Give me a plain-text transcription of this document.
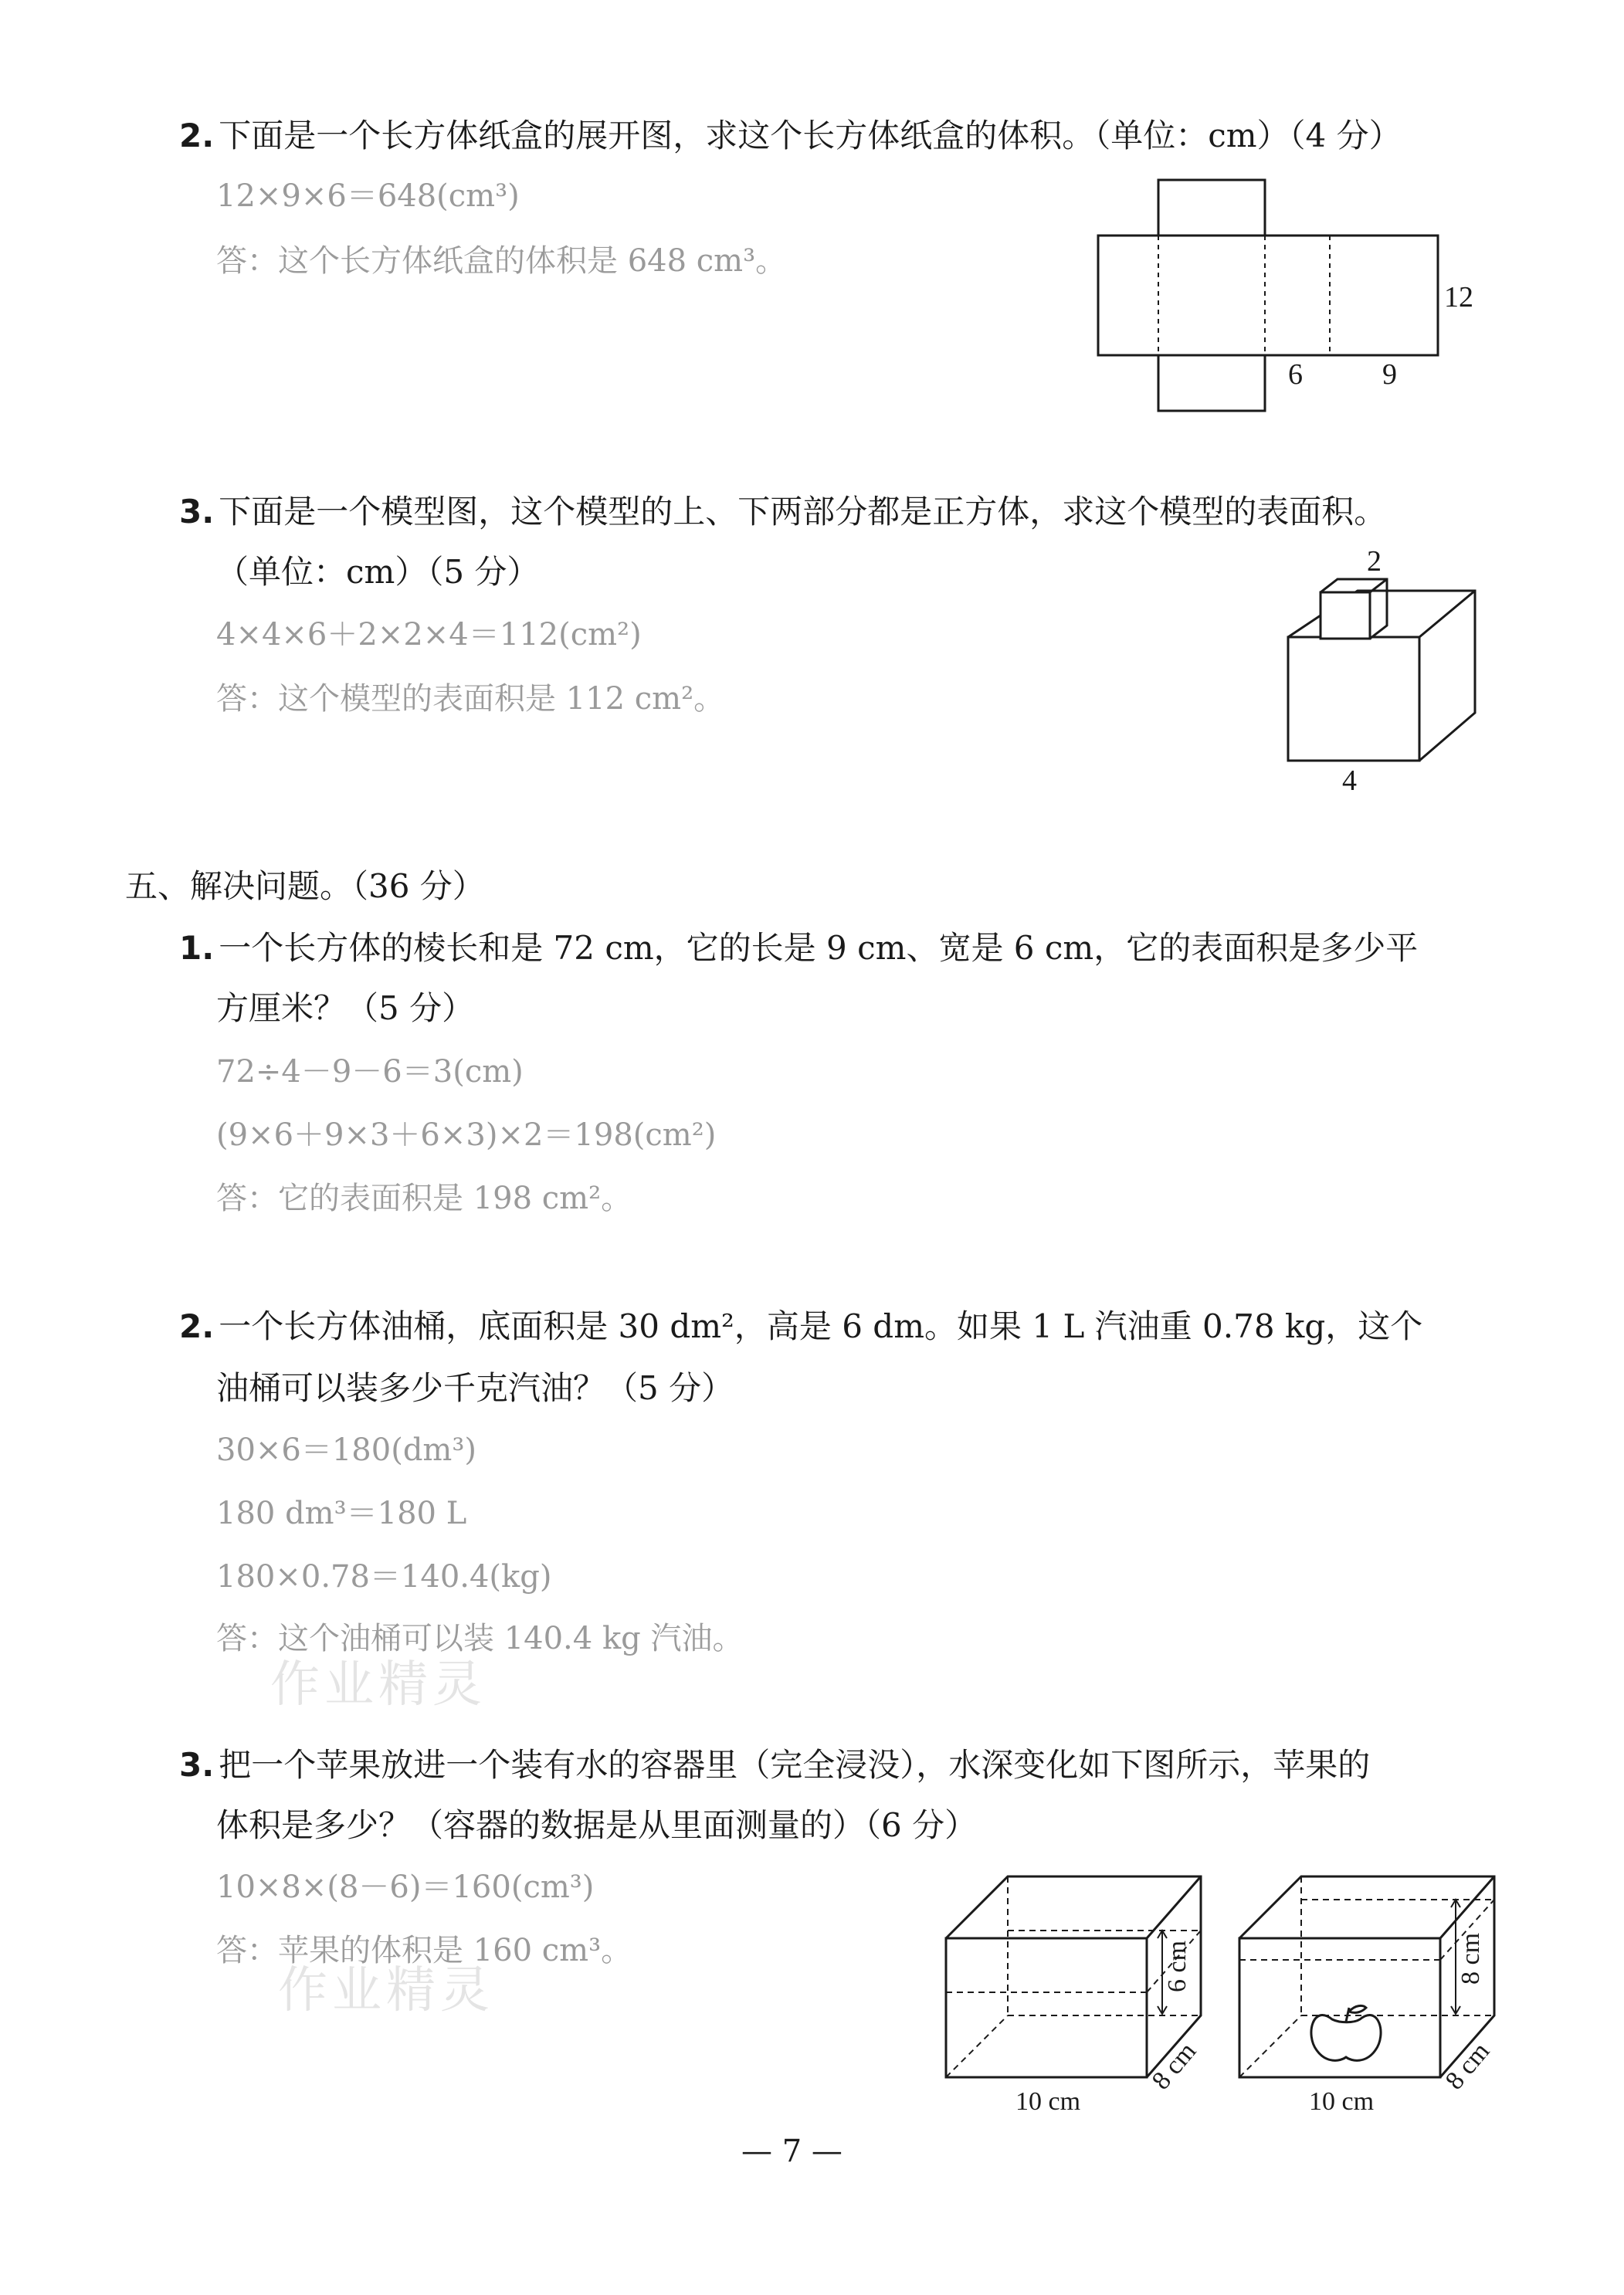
2. 下面是一个长方体纸盒的展开图，求这个长方体纸盒的体积。（单位：cm）（4 分）
12×9×6＝648(cm³)
答：这个长方体纸盒的体积是 648 cm³。
12
6	9
3. 下面是一个模型图，这个模型的上、下两部分都是正方体，求这个模型的表面积。
（单位：cm）（5 分）
4×4×6＋2×2×4＝112(cm²)
答：这个模型的表面积是 112 cm²。
2
4
五、解决问题。（36 分）
1. 一个长方体的棱长和是 72 cm，它的长是 9 cm、宽是 6 cm，它的表面积是多少平
方厘米？（5 分）
72÷4－9－6＝3(cm)
(9×6＋9×3＋6×3)×2＝198(cm²)
答：它的表面积是 198 cm²。
2. 一个长方体油桶，底面积是 30 dm²，高是 6 dm。如果 1 L 汽油重 0.78 kg，这个
油桶可以装多少千克汽油？（5 分）
30×6＝180(dm³)
180 dm³＝180 L
180×0.78＝140.4(kg)
答：这个油桶可以装 140.4 kg 汽油。
作业精灵
3. 把一个苹果放进一个装有水的容器里（完全浸没），水深变化如下图所示，苹果的
体积是多少？（容器的数据是从里面测量的）（6 分）
10×8×(8－6)＝160(cm³)
答：苹果的体积是 160 cm³。
作业精灵	6 cm
10 cm
8 cm
8 cm
10 cm
8 cm
— 7 —
